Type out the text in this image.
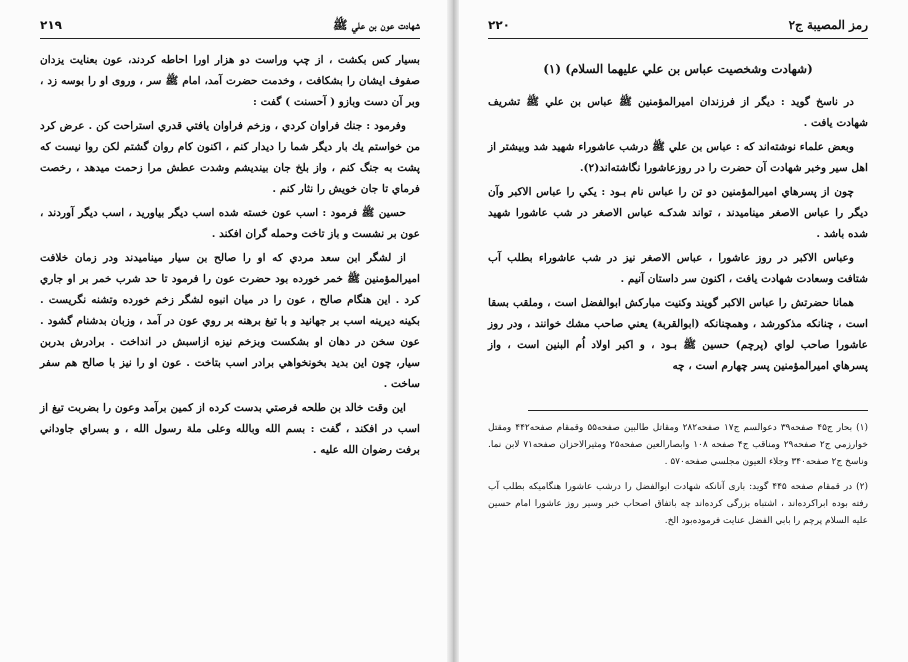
شهادت عون بن علي ﷺ
۲۱۹

بسیار کس بکشت ، از چپ وراست دو هزار اورا احاطه کردند، عون بعنایت یزدان صفوف ایشان را بشکافت ، وخدمت حضرت آمد، امام ﷺ سر ، وروی او را بوسه زد ، وبر آن دست وبازو ( آحسنت ) گفت :

وفرمود : جنك فراوان كردي ، وزخم فراوان يافتي قدري استراحت كن . عرض كرد من خواستم يك بار ديگر شما را ديدار كنم ، اكنون كام روان گشتم لكن روا نيست كه پشت به جنگ كنم ، واز بلخ جان بينديشم وشدت عطش مرا زحمت ميدهد ، رخصت فرماي تا جان خويش را نثار كنم .

حسين ﷺ فرمود : اسب عون خسته شده اسب ديگر بياوريد ، اسب ديگر آوردند ، عون بر نشست و باز تاخت وحمله گران افكند .

از لشگر ابن سعد مردي كه او را صالح بن سيار مينامیدند ودر زمان خلافت اميرالمؤمنين ﷺ خمر خورده بود حضرت عون را فرمود تا حد شرب خمر بر او جاري كرد . اين هنگام صالح ، عون را در ميان انبوه لشگر زخم خورده وتشنه نگريست . بكينه ديرينه اسب بر جهانيد و با تيغ برهنه بر روي عون در آمد ، وزبان بدشنام گشود . عون سخن در دهان او بشكست وبزخم نيزه ازاسبش در انداخت . برادرش بدربن سيار، چون اين بديد بخونخواهي برادر اسب بتاخت . عون او را نيز با صالح هم سفر ساخت .

اين وقت خالد بن طلحه فرصتي بدست كرده از كمين برآمد وعون را بضربت تيغ از اسب در افكند ، گفت : بسم الله وبالله وعلى ملة رسول الله ، و بسراي جاوداني برفت رضوان الله عليه .

رمز المصيبة ج۲
۲۲۰
(شهادت وشخصيت عباس بن علي عليهما السلام) (۱)

در ناسخ گويد : ديگر از فرزندان اميرالمؤمنين ﷺ عباس بن علي ﷺ تشريف شهادت يافت .

وبعض علماء نوشته‌اند كه : عباس بن علي ﷺ درشب عاشوراء شهيد شد وبيشتر از اهل سير وخبر شهادت آن حضرت را در روزعاشورا نگاشته‌اند(۲).

چون از پسرهاي اميرالمؤمنين دو تن را عباس نام بـود : يكي را عباس الاكبر وآن ديگر را عباس الاصغر ميناميدند ، تواند شدكـه عباس الاصغر در شب عاشورا شهيد شده باشد .

وعباس الاكبر در روز عاشورا ، عباس الاصغر نيز در شب عاشوراء بطلب آب شتافت وسعادت شهادت يافت ، اكنون سر داستان آنيم .

همانا حضرتش را عباس الاكبر گويند وكنيت مباركش ابوالفضل است ، وملقب بسقا است ، چنانكه مذكورشد ، وهمچنانكه (ابوالقربة) يعني صاحب مشك خوانند ، ودر روز عاشورا صاحب لواي (پرچم) حسين ﷺ بـود ، و اكبر اولاد اُم البنين است ، واز پسرهاي اميرالمؤمنين پسر چهارم است ، چه

(۱) بحار ج۴۵ صفحه۳۹ دعوالسم ج۱۷ صفحه۲۸۲ ومقاتل طالبين صفحه۵۵ وقمقام صفحه۴۴۲ ومقتل خوارزمي ج۲ صفحه۲۹ ومناقب ج۴ صفحه ۱۰۸ وابصارالعين صفحه۲۵ ومثيرالاحزان صفحه۷۱ لابن نما. وناسخ ج۲ صفحه۳۴۰ وجلاء العيون مجلسي صفحه۵۷۰ .

(۲) در قمقام صفحه ۴۴۵ گويد: بارى آنانكه شهادت ابوالفضل را درشب عاشورا هنگاميكه بطلب آب رفته بوده ابراكرده‌اند ، اشتباه بزرگی كرده‌اند چه باتفاق اصحاب خبر وسير روز عاشورا امام حسين عليه السلام پرچم را بابي الفضل عنايت فرموده‌بود الخ.
